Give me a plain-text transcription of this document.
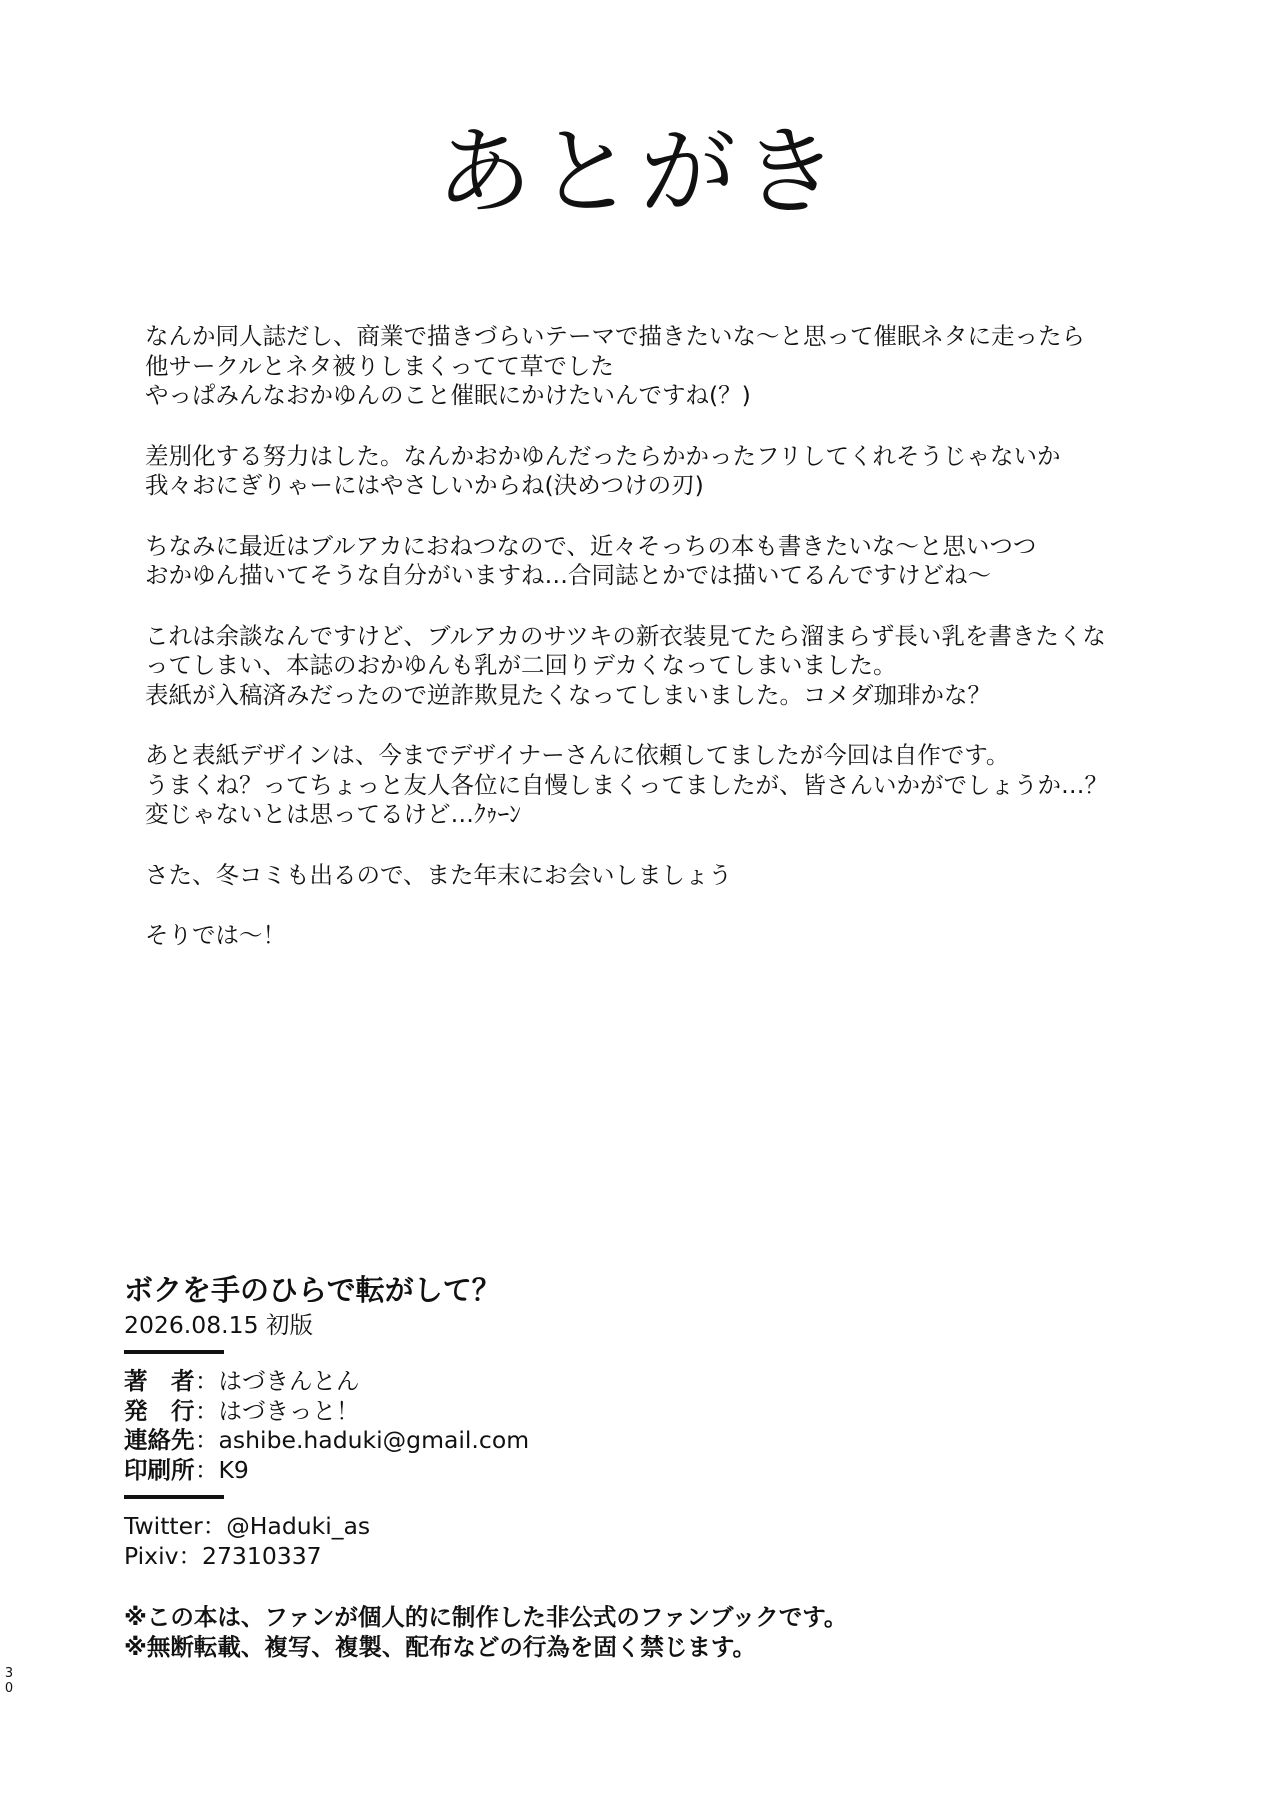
あとがき
なんか同人誌だし、商業で描きづらいテーマで描きたいな〜と思って催眠ネタに走ったら
他サークルとネタ被りしまくってて草でした
やっぱみんなおかゆんのこと催眠にかけたいんですね(？)
差別化する努力はした。なんかおかゆんだったらかかったフリしてくれそうじゃないか
我々おにぎりゃーにはやさしいからね(決めつけの刃)
ちなみに最近はブルアカにおねつなので、近々そっちの本も書きたいな〜と思いつつ
おかゆん描いてそうな自分がいますね…合同誌とかでは描いてるんですけどね〜
これは余談なんですけど、ブルアカのサツキの新衣装見てたら溜まらず長い乳を書きたくな
ってしまい、本誌のおかゆんも乳が二回りデカくなってしまいました。
表紙が入稿済みだったので逆詐欺見たくなってしまいました。コメダ珈琲かな？
あと表紙デザインは、今までデザイナーさんに依頼してましたが今回は自作です。
うまくね？ってちょっと友人各位に自慢しまくってましたが、皆さんいかがでしょうか…？
変じゃないとは思ってるけど…ｸｩｰﾝ
さた、冬コミも出るので、また年末にお会いしましょう
そりでは〜！
ボクを手のひらで転がして？
2026.08.15 初版
著　者：はづきんとん
発　行：はづきっと！
連絡先：ashibe.haduki@gmail.com
印刷所：K9
Twitter：@Haduki_as
Pixiv：27310337
※この本は、ファンが個人的に制作した非公式のファンブックです。
※無断転載、複写、複製、配布などの行為を固く禁じます。
30
